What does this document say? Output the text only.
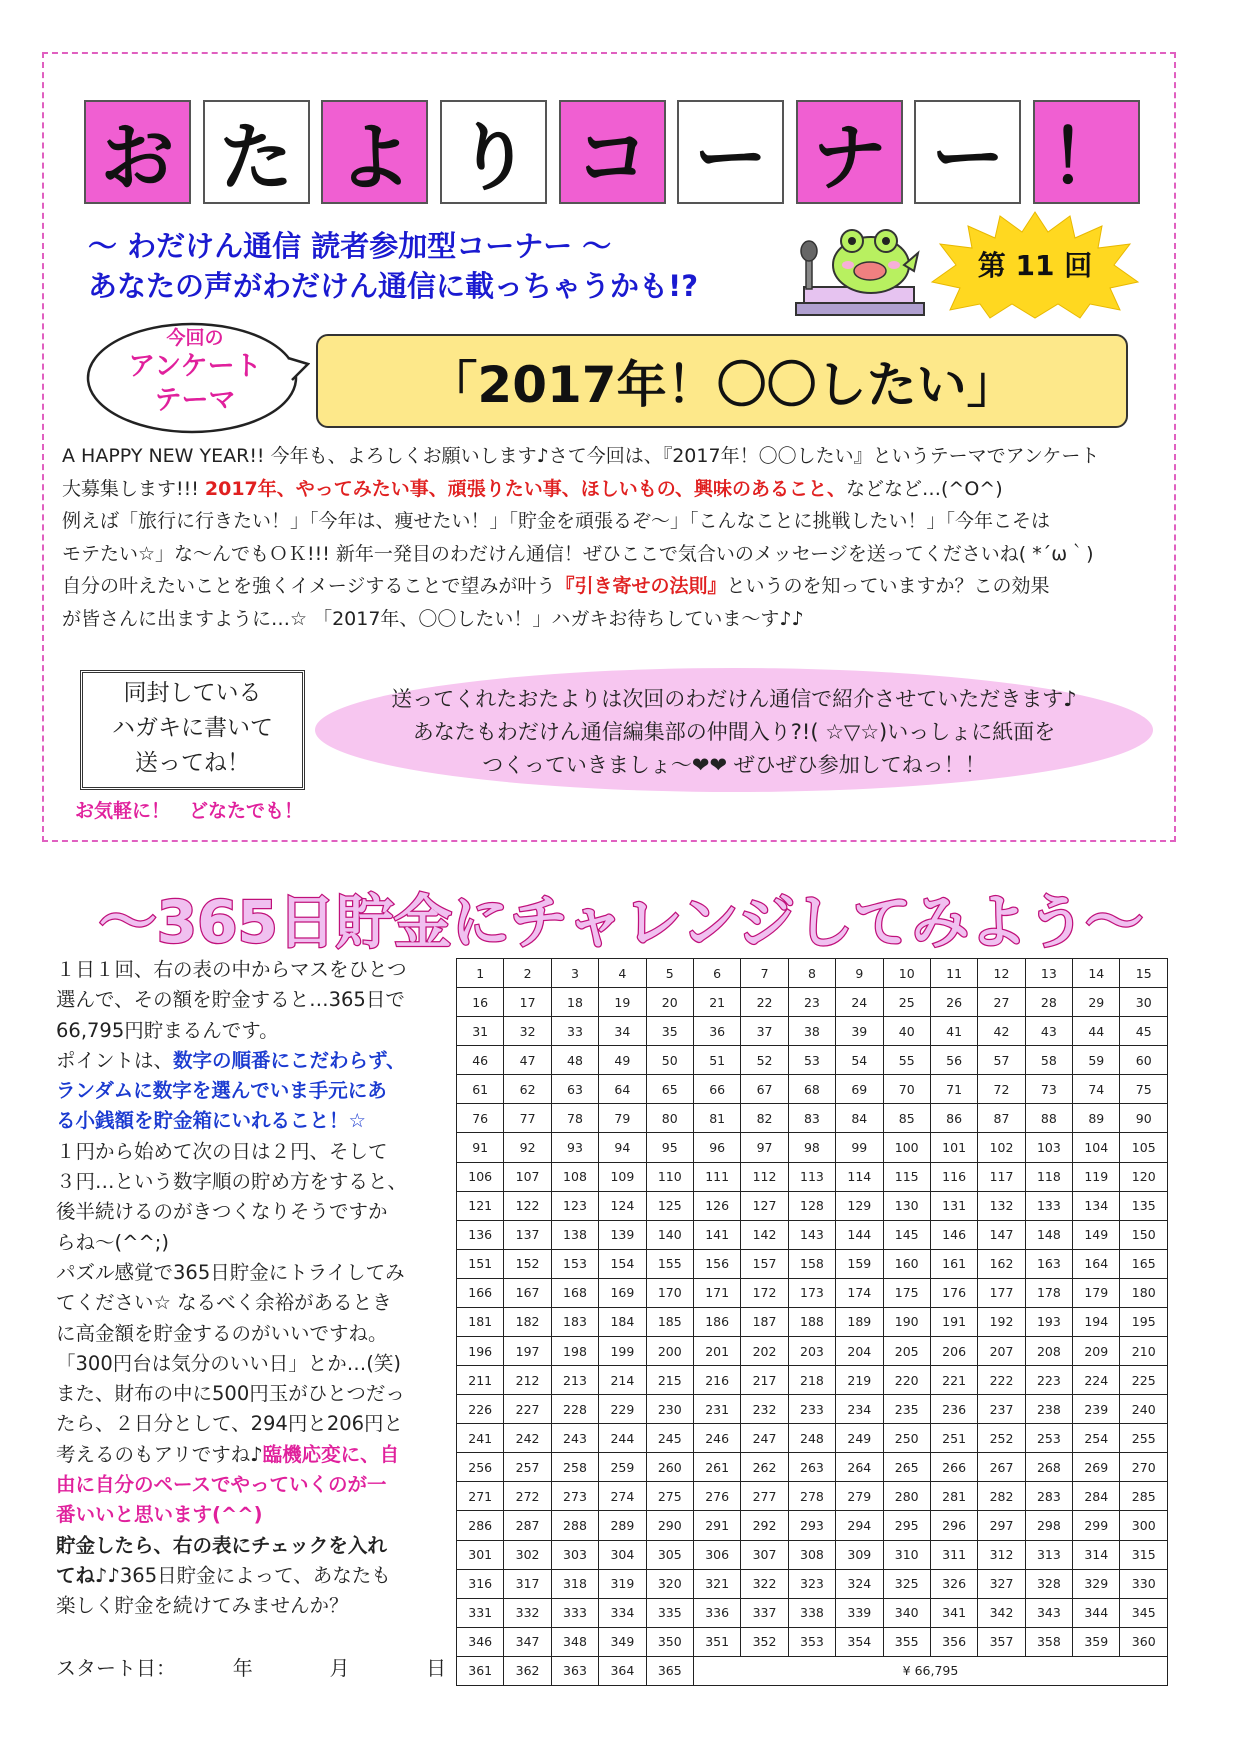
お た よ り コ ー ナ ー ！
〜 わだけん通信 読者参加型コーナー 〜
あなたの声がわだけん通信に載っちゃうかも!?
第 11 回
今回の
アンケート
テーマ	「2017年！〇〇したい」
A HAPPY NEW YEAR!! 今年も、よろしくお願いします♪さて今回は、『2017年！〇〇したい』というテーマでアンケート
大募集します!!! 2017年、やってみたい事、頑張りたい事、ほしいもの、興味のあること、などなど…(^O^)
例えば「旅行に行きたい！」「今年は、痩せたい！」「貯金を頑張るぞ〜」「こんなことに挑戦したい！」「今年こそは
モテたい☆」な〜んでもＯＫ!!! 新年一発目のわだけん通信！ぜひここで気合いのメッセージを送ってくださいね( *´ω｀)
自分の叶えたいことを強くイメージすることで望みが叶う『引き寄せの法則』というのを知っていますか？この効果
が皆さんに出ますように…☆ 「2017年、〇〇したい！」ハガキお待ちしていま〜す♪♪
送ってくれたおたよりは次回のわだけん通信で紹介させていただきます♪
あなたもわだけん通信編集部の仲間入り?!( ☆▽☆)いっしょに紙面を
つくっていきましょ〜❤❤ ぜひぜひ参加してねっ！！
同封している
ハガキに書いて
送ってね！
お気軽に！　どなたでも！
〜365日貯金にチャレンジしてみよう〜

１日１回、右の表の中からマスをひとつ

選んで、その額を貯金すると…365日で

66,795円貯まるんです。

ポイントは、数字の順番にこだわらず、

ランダムに数字を選んでいま手元にあ

る小銭額を貯金箱にいれること！☆

１円から始めて次の日は２円、そして

３円…という数字順の貯め方をすると、

後半続けるのがきつくなりそうですか

らね〜(^^;)

パズル感覚で365日貯金にトライしてみ

てください☆ なるべく余裕があるとき

に高金額を貯金するのがいいですね。

「300円台は気分のいい日」とか…(笑)

また、財布の中に500円玉がひとつだっ

たら、２日分として、294円と206円と

考えるのもアリですね♪臨機応変に、自

由に自分のペースでやっていくのが一

番いいと思います(^^)

貯金したら、右の表にチェックを入れ

てね♪♪365日貯金によって、あなたも

楽しく貯金を続けてみませんか？

スタート日：	年	月	日
1	2	3	4	5	6	7	8	9	10	11	12	13	14	15
16	17	18	19	20	21	22	23	24	25	26	27	28	29	30
31	32	33	34	35	36	37	38	39	40	41	42	43	44	45
46	47	48	49	50	51	52	53	54	55	56	57	58	59	60
61	62	63	64	65	66	67	68	69	70	71	72	73	74	75
76	77	78	79	80	81	82	83	84	85	86	87	88	89	90
91	92	93	94	95	96	97	98	99	100	101	102	103	104	105
106	107	108	109	110	111	112	113	114	115	116	117	118	119	120
121	122	123	124	125	126	127	128	129	130	131	132	133	134	135
136	137	138	139	140	141	142	143	144	145	146	147	148	149	150
151	152	153	154	155	156	157	158	159	160	161	162	163	164	165
166	167	168	169	170	171	172	173	174	175	176	177	178	179	180
181	182	183	184	185	186	187	188	189	190	191	192	193	194	195
196	197	198	199	200	201	202	203	204	205	206	207	208	209	210
211	212	213	214	215	216	217	218	219	220	221	222	223	224	225
226	227	228	229	230	231	232	233	234	235	236	237	238	239	240
241	242	243	244	245	246	247	248	249	250	251	252	253	254	255
256	257	258	259	260	261	262	263	264	265	266	267	268	269	270
271	272	273	274	275	276	277	278	279	280	281	282	283	284	285
286	287	288	289	290	291	292	293	294	295	296	297	298	299	300
301	302	303	304	305	306	307	308	309	310	311	312	313	314	315
316	317	318	319	320	321	322	323	324	325	326	327	328	329	330
331	332	333	334	335	336	337	338	339	340	341	342	343	344	345
346	347	348	349	350	351	352	353	354	355	356	357	358	359	360
361	362	363	364	365	¥ 66,795									
